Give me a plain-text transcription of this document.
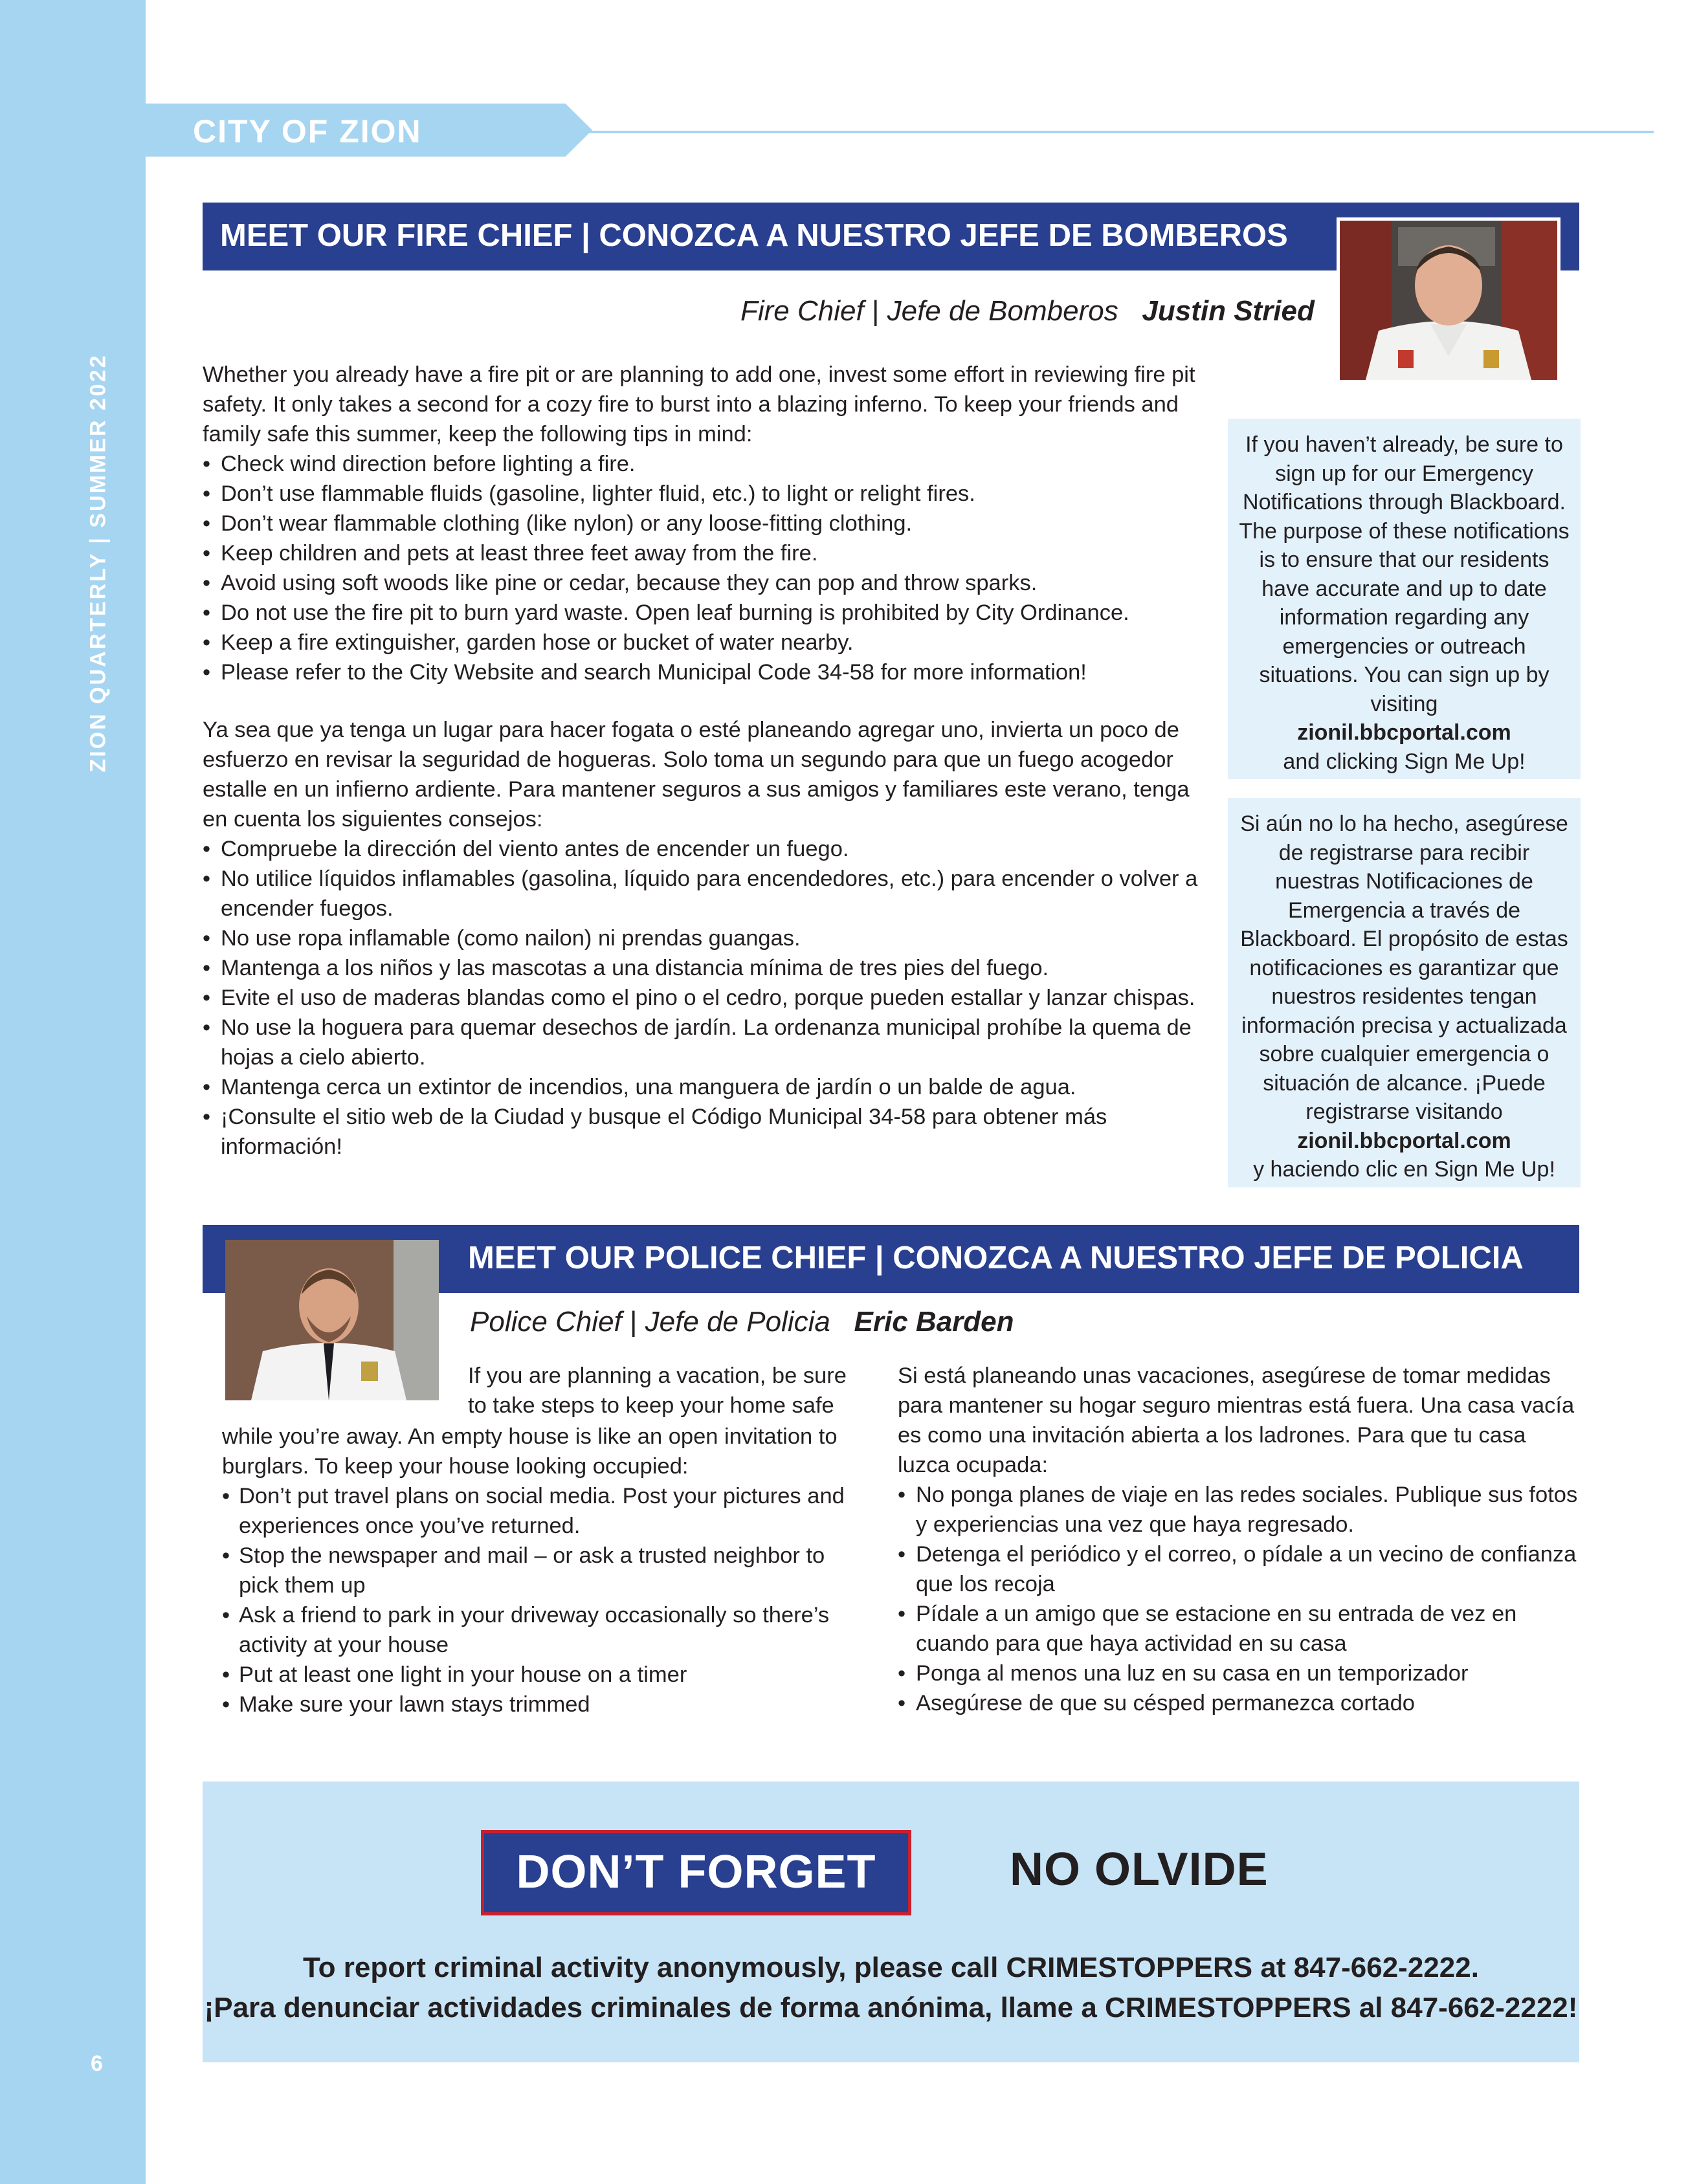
ZION QUARTERLY | SUMMER 2022
6
CITY OF ZION
MEET OUR FIRE CHIEF | CONOZCA A NUESTRO JEFE DE BOMBEROS
Fire Chief | Jefe de Bomberos Justin Stried

Whether you already have a fire pit or are planning to add one, invest some effort in reviewing fire pit safety. It only takes a second for a cozy fire to burst into a blazing inferno. To keep your friends and family safe this summer, keep the following tips in mind:

• Check wind direction before lighting a fire.
• Don’t use flammable fluids (gasoline, lighter fluid, etc.) to light or relight fires.
• Don’t wear flammable clothing (like nylon) or any loose-fitting clothing.
• Keep children and pets at least three feet away from the fire.
• Avoid using soft woods like pine or cedar, because they can pop and throw sparks.
• Do not use the fire pit to burn yard waste. Open leaf burning is prohibited by City Ordinance.
• Keep a fire extinguisher, garden hose or bucket of water nearby.
• Please refer to the City Website and search Municipal Code 34-58 for more information!

Ya sea que ya tenga un lugar para hacer fogata o esté planeando agregar uno, invierta un poco de esfuerzo en revisar la seguridad de hogueras. Solo toma un segundo para que un fuego acogedor estalle en un infierno ardiente. Para mantener seguros a sus amigos y familiares este verano, tenga en cuenta los siguientes consejos:

• Compruebe la dirección del viento antes de encender un fuego.
• No utilice líquidos inflamables (gasolina, líquido para encendedores, etc.) para encender o volver a encender fuegos.
• No use ropa inflamable (como nailon) ni prendas guangas.
• Mantenga a los niños y las mascotas a una distancia mínima de tres pies del fuego.
• Evite el uso de maderas blandas como el pino o el cedro, porque pueden estallar y lanzar chispas.
• No use la hoguera para quemar desechos de jardín. La ordenanza municipal prohíbe la quema de hojas a cielo abierto.
• Mantenga cerca un extintor de incendios, una manguera de jardín o un balde de agua.
• ¡Consulte el sitio web de la Ciudad y busque el Código Municipal 34-58 para obtener más información!
If you haven’t already, be sure to sign up for our Emergency Notifications through Blackboard. The purpose of these notifications is to ensure that our residents have accurate and up to date information regarding any emergencies or outreach situations. You can sign up by visiting
zionil.bbcportal.com
and clicking Sign Me Up!
Si aún no lo ha hecho, asegúrese de registrarse para recibir nuestras Notificaciones de Emergencia a través de Blackboard. El propósito de estas notificaciones es garantizar que nuestros residentes tengan información precisa y actualizada sobre cualquier emergencia o situación de alcance. ¡Puede registrarse visitando
zionil.bbcportal.com
y haciendo clic en Sign Me Up!
MEET OUR POLICE CHIEF | CONOZCA A NUESTRO JEFE DE POLICIA
Police Chief | Jefe de Policia Eric Barden
If you are planning a vacation, be sure to take steps to keep your home safe

while you’re away. An empty house is like an open invitation to burglars. To keep your house looking occupied:

• Don’t put travel plans on social media. Post your pictures and experiences once you’ve returned.
• Stop the newspaper and mail – or ask a trusted neighbor to pick them up
• Ask a friend to park in your driveway occasionally so there’s activity at your house
• Put at least one light in your house on a timer
• Make sure your lawn stays trimmed

Si está planeando unas vacaciones, asegúrese de tomar medidas para mantener su hogar seguro mientras está fuera. Una casa vacía es como una invitación abierta a los ladrones. Para que tu casa luzca ocupada:

• No ponga planes de viaje en las redes sociales. Publique sus fotos y experiencias una vez que haya regresado.
• Detenga el periódico y el correo, o pídale a un vecino de confianza que los recoja
• Pídale a un amigo que se estacione en su entrada de vez en cuando para que haya actividad en su casa
• Ponga al menos una luz en su casa en un temporizador
• Asegúrese de que su césped permanezca cortado
DON’T FORGET	NO OLVIDE
To report criminal activity anonymously, please call CRIMESTOPPERS at 847-662-2222.
¡Para denunciar actividades criminales de forma anónima, llame a CRIMESTOPPERS al 847-662-2222!
